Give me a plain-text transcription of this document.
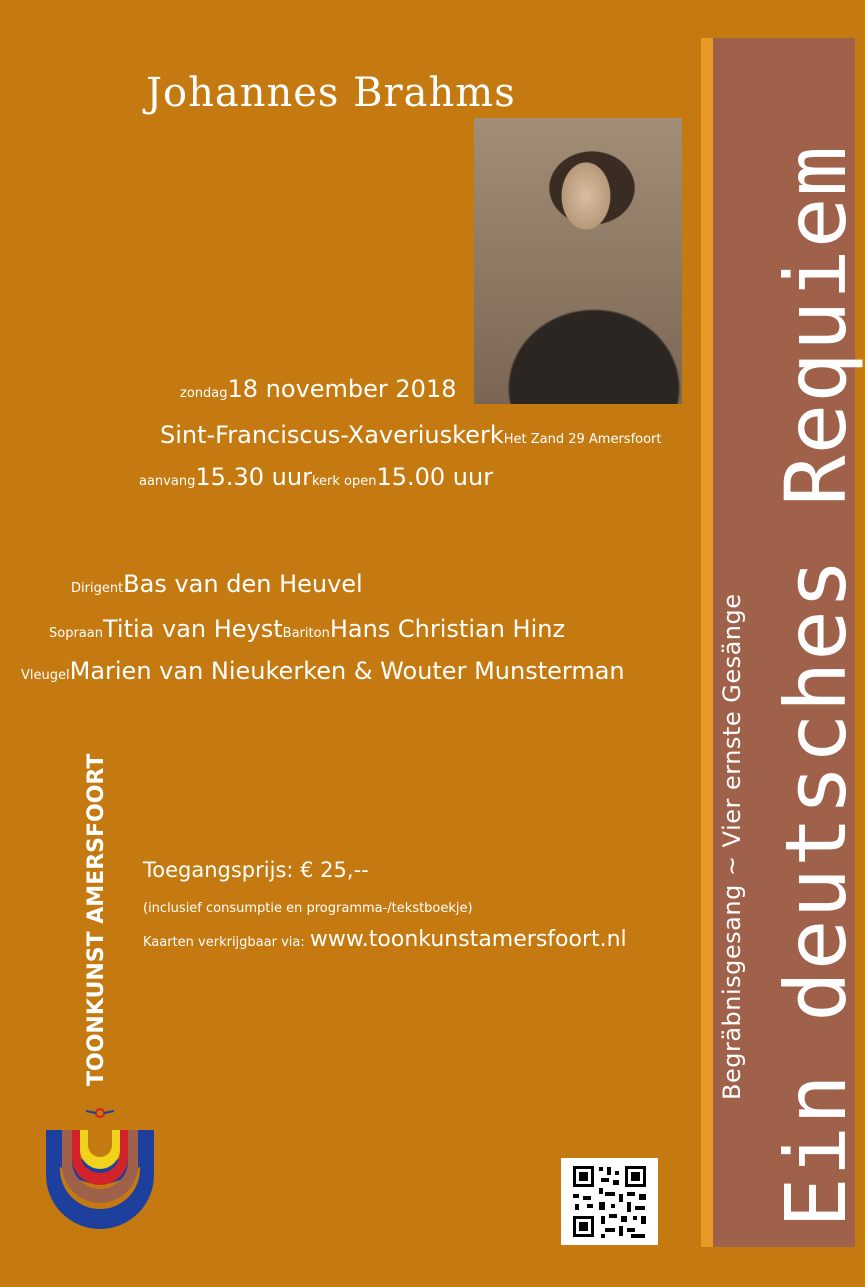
Ein deutsches Requiem
Begräbnisgesang ~ Vier ernste Gesänge
Johannes Brahms
zondag18 november 2018
Sint-Franciscus-XaveriuskerkHet Zand 29 Amersfoort
aanvang15.30 uurkerk open15.00 uur
DirigentBas van den Heuvel
SopraanTitia van HeystBaritonHans Christian Hinz
VleugelMarien van Nieukerken & Wouter Munsterman
Toegangsprijs: € 25,--
(inclusief consumptie en programma-/tekstboekje)
Kaarten verkrijgbaar via: www.toonkunstamersfoort.nl
TOONKUNST AMERSFOORT
